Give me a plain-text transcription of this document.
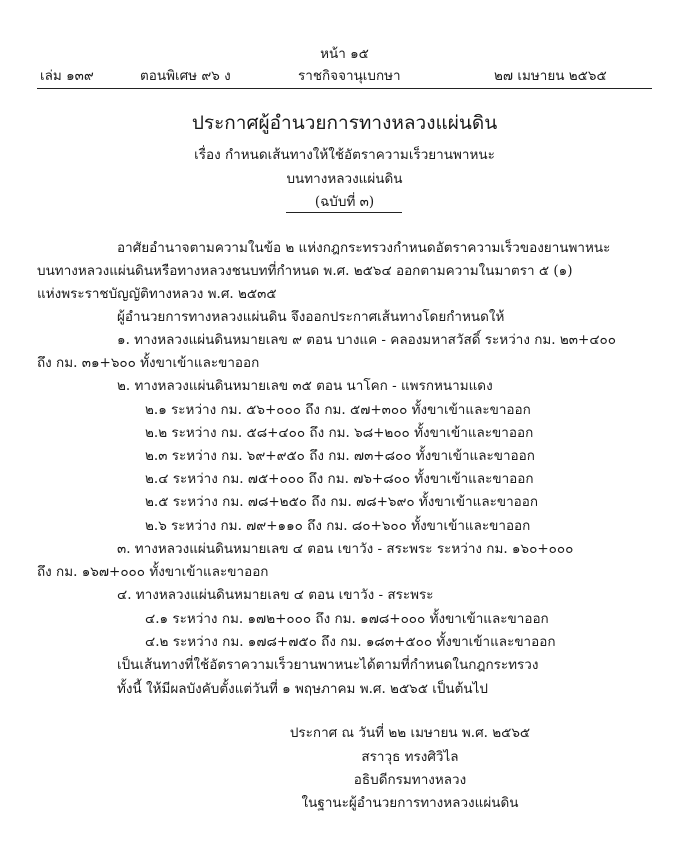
หน้า ๑๕
เล่ม ๑๓๙	ตอนพิเศษ ๙๖ ง	ราชกิจจานุเบกษา	๒๗ เมษายน ๒๕๖๕
ประกาศผู้อำนวยการทางหลวงแผ่นดิน
เรื่อง กำหนดเส้นทางให้ใช้อัตราความเร็วยานพาหนะ
บนทางหลวงแผ่นดิน
(ฉบับที่ ๓)
อาศัยอำนาจตามความในข้อ ๒ แห่งกฎกระทรวงกำหนดอัตราความเร็วของยานพาหนะ
บนทางหลวงแผ่นดินหรือทางหลวงชนบทที่กำหนด พ.ศ. ๒๕๖๔ ออกตามความในมาตรา ๕ (๑)
แห่งพระราชบัญญัติทางหลวง พ.ศ. ๒๕๓๕
ผู้อำนวยการทางหลวงแผ่นดิน จึงออกประกาศเส้นทางโดยกำหนดให้
๑. ทางหลวงแผ่นดินหมายเลข ๙ ตอน บางแค - คลองมหาสวัสดิ์ ระหว่าง กม. ๒๓+๔๐๐
ถึง กม. ๓๑+๖๐๐ ทั้งขาเข้าและขาออก
๒. ทางหลวงแผ่นดินหมายเลข ๓๕ ตอน นาโคก - แพรกหนามแดง
๒.๑ ระหว่าง กม. ๕๖+๐๐๐ ถึง กม. ๕๗+๓๐๐ ทั้งขาเข้าและขาออก
๒.๒ ระหว่าง กม. ๕๘+๔๐๐ ถึง กม. ๖๘+๒๐๐ ทั้งขาเข้าและขาออก
๒.๓ ระหว่าง กม. ๖๙+๙๕๐ ถึง กม. ๗๓+๘๐๐ ทั้งขาเข้าและขาออก
๒.๔ ระหว่าง กม. ๗๕+๐๐๐ ถึง กม. ๗๖+๘๐๐ ทั้งขาเข้าและขาออก
๒.๕ ระหว่าง กม. ๗๘+๒๕๐ ถึง กม. ๗๘+๖๙๐ ทั้งขาเข้าและขาออก
๒.๖ ระหว่าง กม. ๗๙+๑๑๐ ถึง กม. ๘๐+๖๐๐ ทั้งขาเข้าและขาออก
๓. ทางหลวงแผ่นดินหมายเลข ๔ ตอน เขาวัง - สระพระ ระหว่าง กม. ๑๖๐+๐๐๐
ถึง กม. ๑๖๗+๐๐๐ ทั้งขาเข้าและขาออก
๔. ทางหลวงแผ่นดินหมายเลข ๔ ตอน เขาวัง - สระพระ
๔.๑ ระหว่าง กม. ๑๗๒+๐๐๐ ถึง กม. ๑๗๘+๐๐๐ ทั้งขาเข้าและขาออก
๔.๒ ระหว่าง กม. ๑๗๘+๗๕๐ ถึง กม. ๑๘๓+๕๐๐ ทั้งขาเข้าและขาออก
เป็นเส้นทางที่ใช้อัตราความเร็วยานพาหนะได้ตามที่กำหนดในกฎกระทรวง
ทั้งนี้ ให้มีผลบังคับตั้งแต่วันที่ ๑ พฤษภาคม พ.ศ. ๒๕๖๕ เป็นต้นไป
ประกาศ ณ วันที่ ๒๒ เมษายน พ.ศ. ๒๕๖๕
สราวุธ ทรงศิวิไล
อธิบดีกรมทางหลวง
ในฐานะผู้อำนวยการทางหลวงแผ่นดิน
